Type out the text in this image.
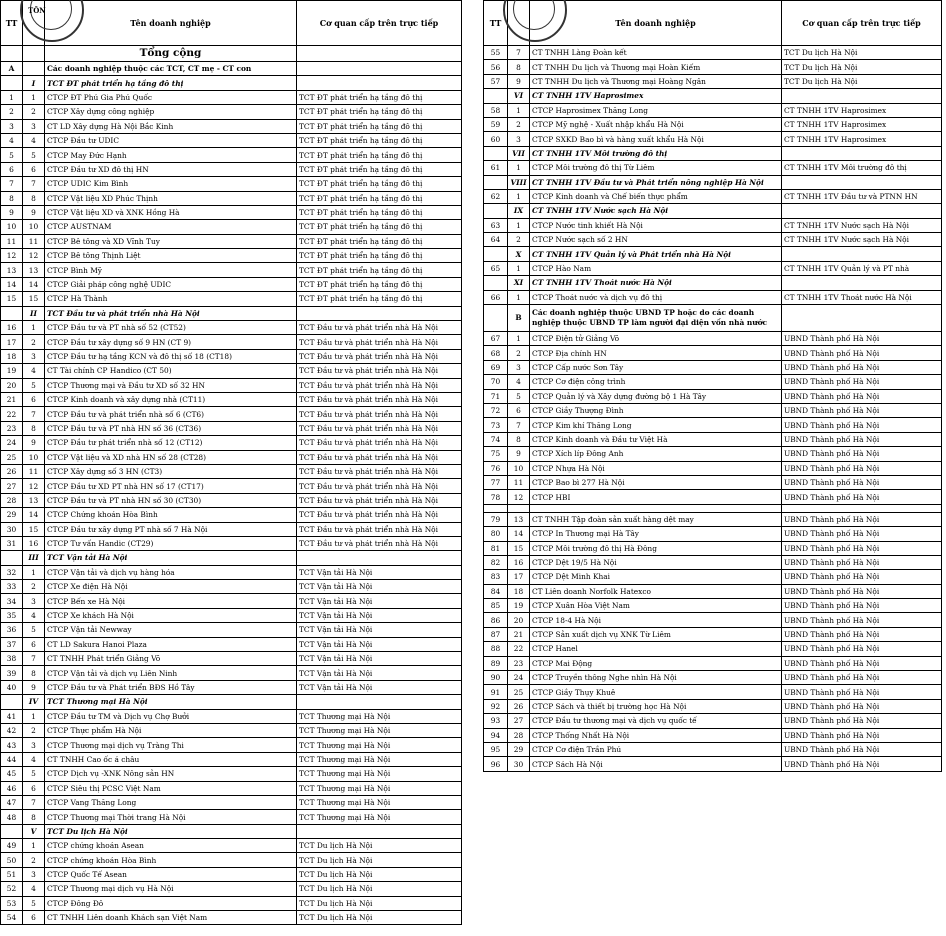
TÔN
TT		Tên doanh nghiệp	Cơ quan cấp trên trực tiếp
		Tổng cộng	
A		Các doanh nghiệp thuộc các TCT, CT mẹ - CT con	
	I	TCT ĐT phát triển hạ tầng đô thị	
1	1	CTCP ĐT Phú Gia Phú Quốc	TCT ĐT phát triển hạ tầng đô thị
2	2	CTCP Xây dựng công nghiệp	TCT ĐT phát triển hạ tầng đô thị
3	3	CT LD Xây dựng Hà Nội Bắc Kinh	TCT ĐT phát triển hạ tầng đô thị
4	4	CTCP Đầu tư UDIC	TCT ĐT phát triển hạ tầng đô thị
5	5	CTCP May Đức Hạnh	TCT ĐT phát triển hạ tầng đô thị
6	6	CTCP Đầu tư XD đô thị HN	TCT ĐT phát triển hạ tầng đô thị
7	7	CTCP UDIC Kim Bình	TCT ĐT phát triển hạ tầng đô thị
8	8	CTCP Vật liệu XD Phúc Thịnh	TCT ĐT phát triển hạ tầng đô thị
9	9	CTCP Vật liệu XD và XNK Hồng Hà	TCT ĐT phát triển hạ tầng đô thị
10	10	CTCP AUSTNAM	TCT ĐT phát triển hạ tầng đô thị
11	11	CTCP Bê tông và XD Vĩnh Tuy	TCT ĐT phát triển hạ tầng đô thị
12	12	CTCP Bê tông Thịnh Liệt	TCT ĐT phát triển hạ tầng đô thị
13	13	CTCP Bình Mỹ	TCT ĐT phát triển hạ tầng đô thị
14	14	CTCP Giải pháp công nghệ UDIC	TCT ĐT phát triển hạ tầng đô thị
15	15	CTCP Hà Thành	TCT ĐT phát triển hạ tầng đô thị
	II	TCT Đầu tư và phát triển nhà Hà Nội	
16	1	CTCP Đầu tư và PT nhà số 52 (CT52)	TCT Đầu tư và phát triển nhà Hà Nội
17	2	CTCP Đầu tư xây dựng số 9 HN (CT 9)	TCT Đầu tư và phát triển nhà Hà Nội
18	3	CTCP Đầu tư hạ tầng KCN và đô thị số 18 (CT18)	TCT Đầu tư và phát triển nhà Hà Nội
19	4	CT Tài chính CP Handico (CT 50)	TCT Đầu tư và phát triển nhà Hà Nội
20	5	CTCP Thương mại và Đầu tư XD số 32 HN	TCT Đầu tư và phát triển nhà Hà Nội
21	6	CTCP Kinh doanh và xây dựng nhà (CT11)	TCT Đầu tư và phát triển nhà Hà Nội
22	7	CTCP Đầu tư và phát triển nhà số 6 (CT6)	TCT Đầu tư và phát triển nhà Hà Nội
23	8	CTCP Đầu tư và PT nhà HN số 36 (CT36)	TCT Đầu tư và phát triển nhà Hà Nội
24	9	CTCP Đầu tư phát triển nhà số 12 (CT12)	TCT Đầu tư và phát triển nhà Hà Nội
25	10	CTCP Vật liệu và XD nhà HN số 28 (CT28)	TCT Đầu tư và phát triển nhà Hà Nội
26	11	CTCP Xây dựng số 3 HN (CT3)	TCT Đầu tư và phát triển nhà Hà Nội
27	12	CTCP Đầu tư XD PT nhà HN số 17 (CT17)	TCT Đầu tư và phát triển nhà Hà Nội
28	13	CTCP Đầu tư và PT nhà HN số 30 (CT30)	TCT Đầu tư và phát triển nhà Hà Nội
29	14	CTCP Chứng khoán Hòa Bình	TCT Đầu tư và phát triển nhà Hà Nội
30	15	CTCP Đầu tư xây dựng PT nhà số 7 Hà Nội	TCT Đầu tư và phát triển nhà Hà Nội
31	16	CTCP Tư vấn Handic (CT29)	TCT Đầu tư và phát triển nhà Hà Nội
	III	TCT Vận tải Hà Nội	
32	1	CTCP Vận tải và dịch vụ hàng hóa	TCT Vận tải Hà Nội
33	2	CTCP Xe điện Hà Nội	TCT Vận tải Hà Nội
34	3	CTCP Bến xe Hà Nội	TCT Vận tải Hà Nội
35	4	CTCP Xe khách Hà Nội	TCT Vận tải Hà Nội
36	5	CTCP Vận tải Newway	TCT Vận tải Hà Nội
37	6	CT LD Sakura Hanoi Plaza	TCT Vận tải Hà Nội
38	7	CT TNHH Phát triển Giảng Võ	TCT Vận tải Hà Nội
39	8	CTCP Vận tải và dịch vụ Liên Ninh	TCT Vận tải Hà Nội
40	9	CTCP Đầu tư và Phát triển BĐS Hồ Tây	TCT Vận tải Hà Nội
	IV	TCT Thương mại Hà Nội	
41	1	CTCP Đầu tư TM và Dịch vụ Chợ Bưởi	TCT Thương mại Hà Nội
42	2	CTCP Thực phẩm Hà Nội	TCT Thương mại Hà Nội
43	3	CTCP Thương mại dịch vụ Tràng Thi	TCT Thương mại Hà Nội
44	4	CT TNHH Cao ốc á châu	TCT Thương mại Hà Nội
45	5	CTCP Dịch vụ -XNK Nông sản HN	TCT Thương mại Hà Nội
46	6	CTCP Siêu thị PCSC Việt Nam	TCT Thương mại Hà Nội
47	7	CTCP Vang Thăng Long	TCT Thương mại Hà Nội
48	8	CTCP Thương mại Thời trang Hà Nội	TCT Thương mại Hà Nội
	V	TCT Du lịch Hà Nội	
49	1	CTCP chứng khoán Asean	TCT Du lịch Hà Nội
50	2	CTCP chứng khoán Hòa Bình	TCT Du lịch Hà Nội
51	3	CTCP Quốc Tế Asean	TCT Du lịch Hà Nội
52	4	CTCP Thương mại dịch vụ Hà Nội	TCT Du lịch Hà Nội
53	5	CTCP Đông Đô	TCT Du lịch Hà Nội
54	6	CT TNHH Liên doanh Khách sạn Việt Nam	TCT Du lịch Hà Nội
TT		Tên doanh nghiệp	Cơ quan cấp trên trực tiếp
55	7	CT TNHH Làng Đoàn kết	TCT Du lịch Hà Nội
56	8	CT TNHH Du lịch và Thương mại Hoàn Kiếm	TCT Du lịch Hà Nội
57	9	CT TNHH Du lịch và Thương mại Hoàng Ngân	TCT Du lịch Hà Nội
	VI	CT TNHH 1TV Haprosimex	
58	1	CTCP Haprosimex Thăng Long	CT TNHH 1TV Haprosimex
59	2	CTCP Mỹ nghệ - Xuất nhập khẩu Hà Nội	CT TNHH 1TV Haprosimex
60	3	CTCP SXKD Bao bì và hàng xuất khẩu Hà Nội	CT TNHH 1TV Haprosimex
	VII	CT TNHH 1TV Môi trường đô thị	
61	1	CTCP Môi trường đô thị Từ Liêm	CT TNHH 1TV Môi trường đô thị
	VIII	CT TNHH 1TV Đầu tư và Phát triển nông nghiệp Hà Nội	
62	1	CTCP Kinh doanh và Chế biến thực phẩm	CT TNHH 1TV Đầu tư và PTNN HN
	IX	CT TNHH 1TV Nước sạch Hà Nội	
63	1	CTCP Nước tinh khiết Hà Nội	CT TNHH 1TV Nước sạch Hà Nội
64	2	CTCP Nước sạch số 2 HN	CT TNHH 1TV Nước sạch Hà Nội
	X	CT TNHH 1TV Quản lý và Phát triển nhà Hà Nội	
65	1	CTCP Hào Nam	CT TNHH 1TV Quản lý và PT nhà
	XI	CT TNHH 1TV Thoát nước Hà Nội	
66	1	CTCP Thoát nước và dịch vụ đô thị	CT TNHH 1TV Thoát nước Hà Nội
	B	Các doanh nghiệp thuộc UBND TP hoặc do các doanh nghiệp thuộc UBND TP làm người đại diện vốn nhà nước	
67	1	CTCP Điện tử Giảng Võ	UBND Thành phố Hà Nội
68	2	CTCP Địa chính HN	UBND Thành phố Hà Nội
69	3	CTCP Cấp nước Sơn Tây	UBND Thành phố Hà Nội
70	4	CTCP Cơ điện công trình	UBND Thành phố Hà Nội
71	5	CTCP Quản lý và Xây dựng đường bộ 1 Hà Tây	UBND Thành phố Hà Nội
72	6	CTCP Giầy Thượng Đình	UBND Thành phố Hà Nội
73	7	CTCP Kim khí Thăng Long	UBND Thành phố Hà Nội
74	8	CTCP Kinh doanh và Đầu tư Việt Hà	UBND Thành phố Hà Nội
75	9	CTCP Xích líp Đông Anh	UBND Thành phố Hà Nội
76	10	CTCP Nhựa Hà Nội	UBND Thành phố Hà Nội
77	11	CTCP Bao bì 277 Hà Nội	UBND Thành phố Hà Nội
78	12	CTCP HBI	UBND Thành phố Hà Nội

79	13	CT TNHH Tập đoàn sản xuất hàng dệt may	UBND Thành phố Hà Nội
80	14	CTCP In Thương mại Hà Tây	UBND Thành phố Hà Nội
81	15	CTCP Môi trường đô thị Hà Đông	UBND Thành phố Hà Nội
82	16	CTCP Dệt 19/5 Hà Nội	UBND Thành phố Hà Nội
83	17	CTCP Dệt Minh Khai	UBND Thành phố Hà Nội
84	18	CT Liên doanh Norfolk Hatexco	UBND Thành phố Hà Nội
85	19	CTCP Xuân Hòa Việt Nam	UBND Thành phố Hà Nội
86	20	CTCP 18-4 Hà Nội	UBND Thành phố Hà Nội
87	21	CTCP Sản xuất dịch vụ XNK Từ Liêm	UBND Thành phố Hà Nội
88	22	CTCP Hanel	UBND Thành phố Hà Nội
89	23	CTCP Mai Động	UBND Thành phố Hà Nội
90	24	CTCP Truyền thông Nghe nhìn Hà Nội	UBND Thành phố Hà Nội
91	25	CTCP Giầy Thụy Khuê	UBND Thành phố Hà Nội
92	26	CTCP Sách và thiết bị trường học Hà Nội	UBND Thành phố Hà Nội
93	27	CTCP Đầu tư thương mại và dịch vụ quốc tế	UBND Thành phố Hà Nội
94	28	CTCP Thống Nhất Hà Nội	UBND Thành phố Hà Nội
95	29	CTCP Cơ điện Trần Phú	UBND Thành phố Hà Nội
96	30	CTCP Sách Hà Nội	UBND Thành phố Hà Nội
